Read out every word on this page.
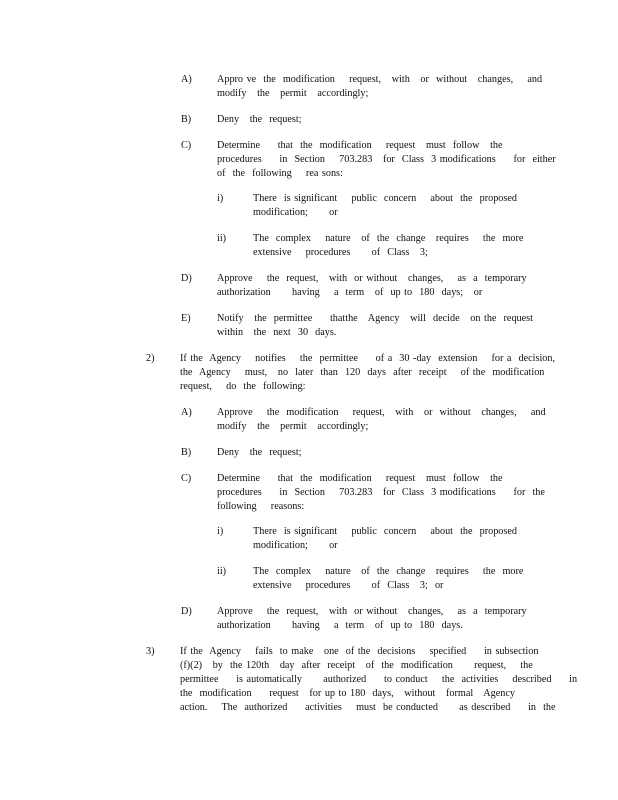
A) Appro ve  the  modification    request,   with   or  without   changes,    and
modify   the   permit   accordingly;
B)	Deny   the  request;
C)	Determine     that  the  modification    request   must  follow   the
procedures     in  Section    703.283   for  Class  3 modifications     for  either
of  the  following    rea sons:
i)	There  is significant    public  concern    about  the  proposed
modification;      or
ii)	The  complex    nature   of  the  change   requires    the  more
extensive    procedures      of  Class   3;
D) Approve    the  request,   with  or without   changes,    as  a  temporary
authorization      having    a  term   of  up to  180  days;   or
E)	Notify   the  permittee     thatthe   Agency   will  decide   on the  request
within   the  next  30  days.
2)	If the  Agency    notifies    the  permittee     of a  30 -day  extension    for a  decision,
the  Agency    must,   no  later  than  120  days  after  receipt    of the  modification
request,    do  the  following:
A) Approve    the  modification    request,   with   or  without   changes,    and
modify   the   permit   accordingly;
B)	Deny   the  request;
C)	Determine     that  the  modification    request   must  follow   the
procedures     in  Section    703.283   for  Class  3 modifications     for  the
following    reasons:
i)	There  is significant    public  concern    about  the  proposed
modification;      or
ii)	The  complex    nature   of  the  change   requires    the  more
extensive    procedures      of  Class   3;  or
D) Approve    the  request,   with  or without   changes,    as  a  temporary
authorization      having    a  term   of  up to  180  days.
3)	If the  Agency    fails  to make   one  of the  decisions    specified     in subsection
(f)(2)   by  the 120th   day  after  receipt   of  the  modification      request,    the
permittee     is automatically      authorized     to conduct    the  activities    described     in
the  modification     request   for up to 180  days,   without   formal   Agency
action.    The  authorized     activities    must  be conducted      as described     in  the
